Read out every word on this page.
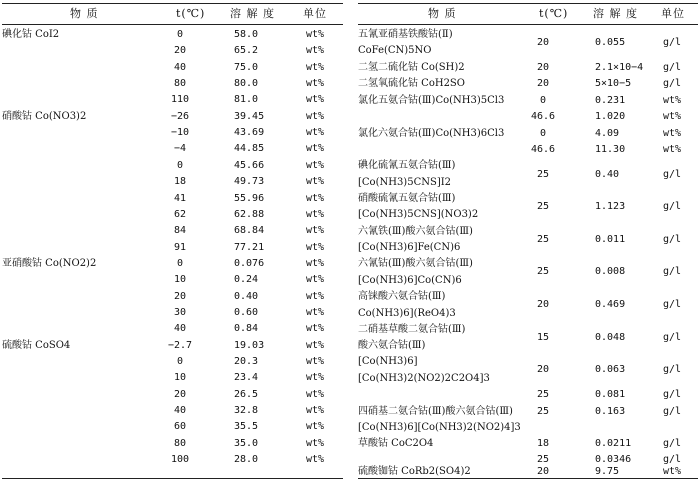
物 质	t(℃) 溶 解 度	单位
碘化钴 CoI2	0	58.0	wt%
20	65.2	wt%
40	75.0	wt%
80	80.0	wt%
110	81.0	wt%
硝酸钴 Co(NO3)2	−26	39.45	wt%
−10	43.69	wt%
−4	44.85	wt%
0	45.66	wt%
18	49.73	wt%
41	55.96	wt%
62	62.88	wt%
84	68.84	wt%
91	77.21	wt%
亚硝酸钴 Co(NO2)2	0	0.076	wt%
10	0.24	wt%
20	0.40	wt%
30	0.60	wt%
40	0.84	wt%
硫酸钴 CoSO4	−2.7	19.03	wt%
0	20.3	wt%
10	23.4	wt%
20	26.5	wt%
40	32.8	wt%
60	35.5	wt%
80	35.0	wt%
100	28.0	wt%
物 质	t(℃) 溶 解 度 单位
五氰亚硝基铁酸钴(Ⅱ)
CoFe(CN)5NO
20	0.055	g/l
二氢二硫化钴 Co(SH)2	20	2.1×10−4 g/l
二氢氧硫化钴 CoH2SO	20	5×10−5	g/l
氯化五氨合钴(Ⅲ)Co(NH3)5Cl3	0	0.231	wt%
46.6	1.020	wt%
氯化六氨合钴(Ⅲ)Co(NH3)6Cl3	0	4.09	wt%
46.6	11.30	wt%
碘化硫氰五氨合钴(Ⅲ)
[Co(NH3)5CNS]I2
25	0.40	g/l
硝酸硫氰五氨合钴(Ⅲ)
[Co(NH3)5CNS](NO3)2
25	1.123	g/l
六氰铁(Ⅲ)酸六氨合钴(Ⅲ)
[Co(NH3)6]Fe(CN)6
25	0.011	g/l
六氰钴(Ⅲ)酸六氨合钴(Ⅲ)
[Co(NH3)6]Co(CN)6
25	0.008	g/l
高铼酸六氨合钴(Ⅲ)
Co(NH3)6](ReO4)3
20	0.469	g/l
二硝基草酸二氨合钴(Ⅲ)
酸六氨合钴(Ⅲ)
15	0.048	g/l
[Co(NH3)6]
[Co(NH3)2(NO2)2C2O4]3
20	0.063	g/l
25	0.081	g/l
四硝基二氨合钴(Ⅲ)酸六氨合钴(Ⅲ)
[Co(NH3)6][Co(NH3)2(NO2)4]3
25	0.163	g/l
草酸钴 CoC2O4	18	0.0211	g/l
25	0.0346	g/l
硫酸铷钴 CoRb2(SO4)2	20	9.75	wt%
